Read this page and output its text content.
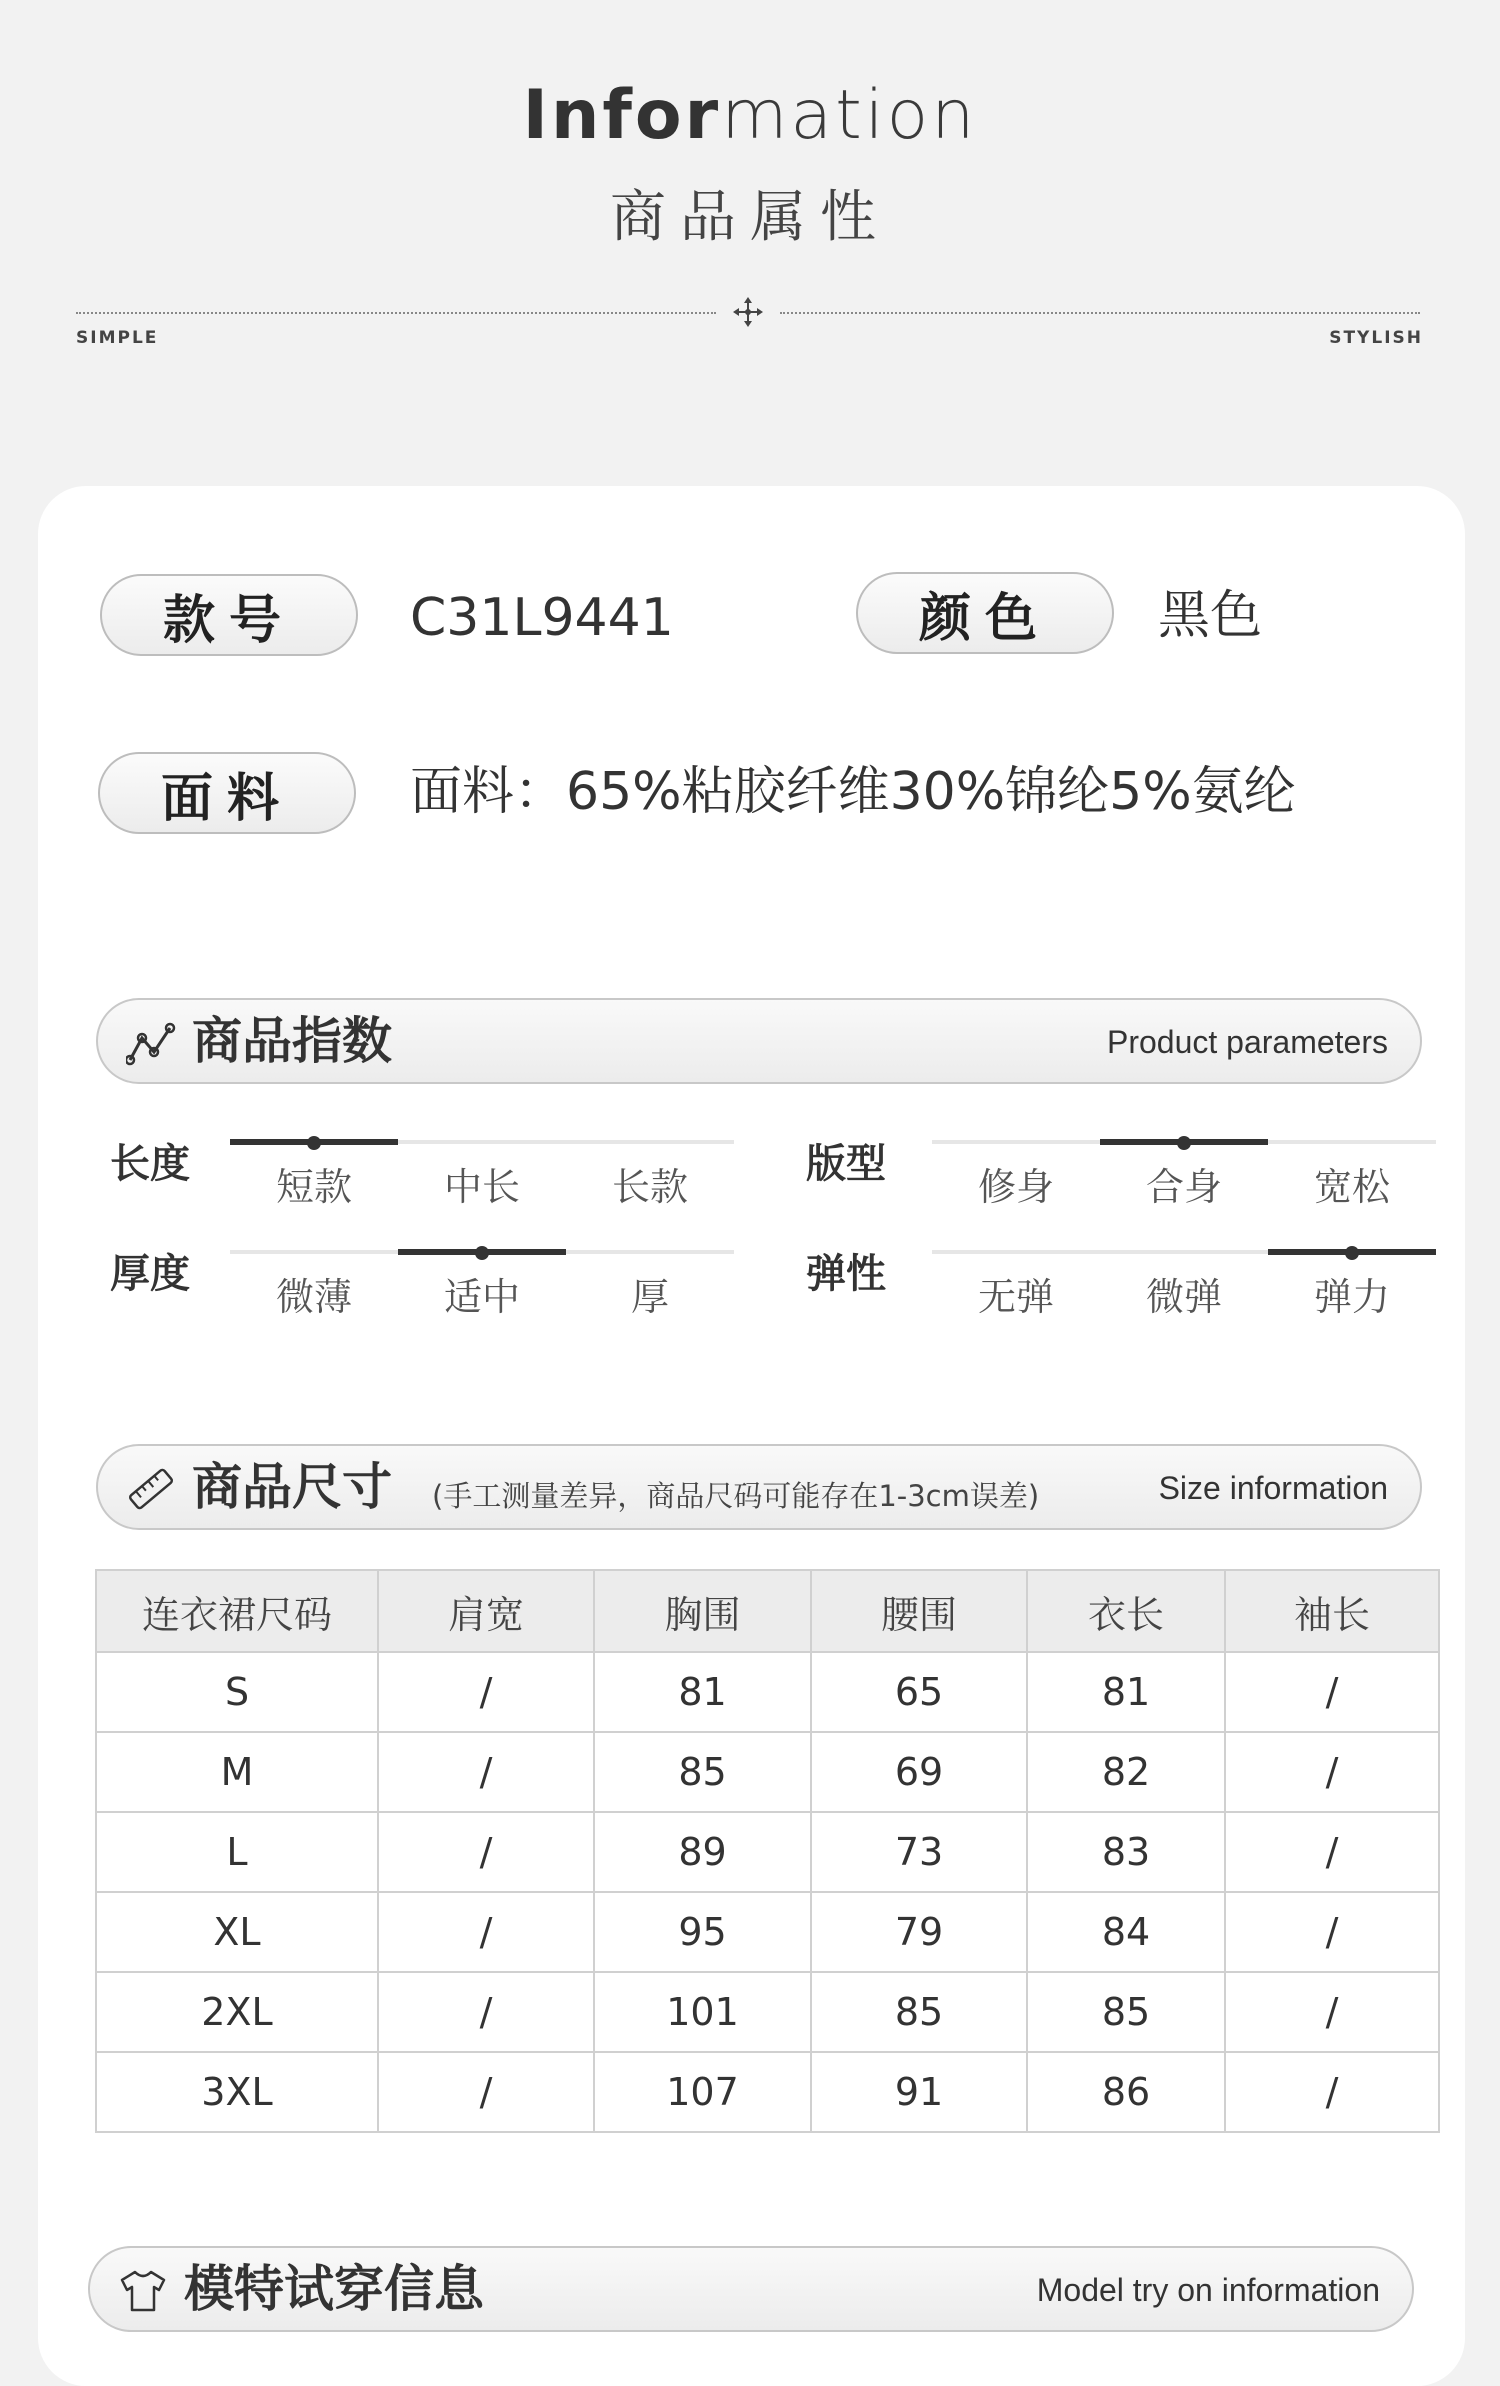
Information
商品属性
SIMPLE	STYLISH
款号	C31L9441	颜色	黑色
面料	面料：65%粘胶纤维30%锦纶5%氨纶
商品指数	Product parameters
长度	短款	中长	长款	版型	修身	合身	宽松
厚度	微薄	适中	厚	弹性	无弹	微弹	弹力
商品尺寸 (手工测量差异，商品尺码可能存在1-3cm误差)	Size information
连衣裙尺码	肩宽	胸围	腰围	衣长	袖长
S	/	81	65	81	/
M	/	85	69	82	/
L	/	89	73	83	/
XL	/	95	79	84	/
2XL	/	101	85	85	/
3XL	/	107	91	86	/
模特试穿信息	Model try on information
